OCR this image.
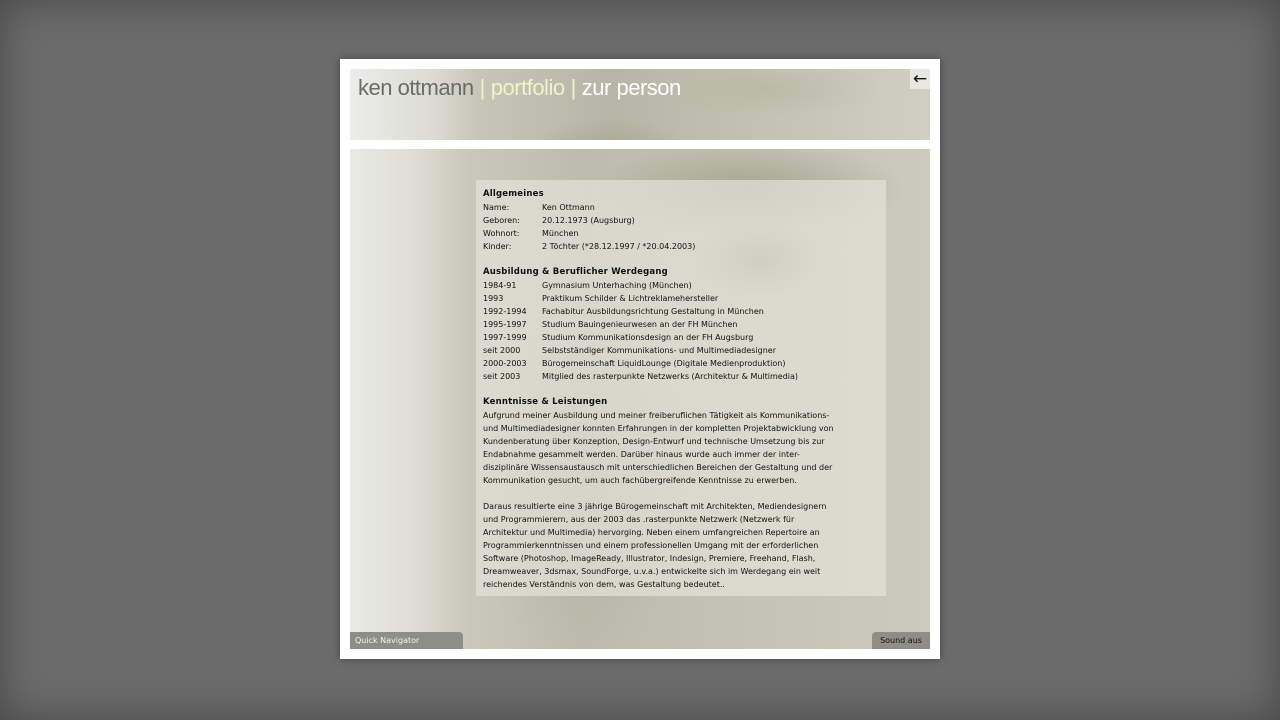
ken ottmann | portfolio | zur person	←
Allgemeines
Name:	Ken Ottmann
Geboren:	20.12.1973 (Augsburg)
Wohnort:	München
Kinder:	2 Töchter (*28.12.1997 / *20.04.2003)
Ausbildung & Beruflicher Werdegang
1984-91	Gymnasium Unterhaching (München)
1993	Praktikum Schilder & Lichtreklamehersteller
1992-1994	Fachabitur Ausbildungsrichtung Gestaltung in München
1995-1997	Studium Bauingenieurwesen an der FH München
1997-1999	Studium Kommunikationsdesign an der FH Augsburg
seit 2000	Selbstständiger Kommunikations- und Multimediadesigner
2000-2003	Bürogemeinschaft LiquidLounge (Digitale Medienproduktion)
seit 2003	Mitglied des rasterpunkte Netzwerks (Architektur & Multimedia)
Kenntnisse & Leistungen
Aufgrund meiner Ausbildung und meiner freiberuflichen Tätigkeit als Kommunikations-
und Multimediadesigner konnten Erfahrungen in der kompletten Projektabwicklung von
Kundenberatung über Konzeption, Design-Entwurf und technische Umsetzung bis zur
Endabnahme gesammelt werden. Darüber hinaus wurde auch immer der inter-
disziplinäre Wissensaustausch mit unterschiedlichen Bereichen der Gestaltung und der
Kommunikation gesucht, um auch fachübergreifende Kenntnisse zu erwerben.
Daraus resultierte eine 3 jährige Bürogemeinschaft mit Architekten, Mediendesignern
und Programmierern, aus der 2003 das .rasterpunkte Netzwerk (Netzwerk für
Architektur und Multimedia) hervorging. Neben einem umfangreichen Repertoire an
Programmierkenntnissen und einem professionellen Umgang mit der erforderlichen
Software (Photoshop, ImageReady, Illustrator, Indesign, Premiere, Freehand, Flash,
Dreamweaver, 3dsmax, SoundForge, u.v.a.) entwickelte sich im Werdegang ein weit
reichendes Verständnis von dem, was Gestaltung bedeutet..
Quick Navigator	Sound aus
